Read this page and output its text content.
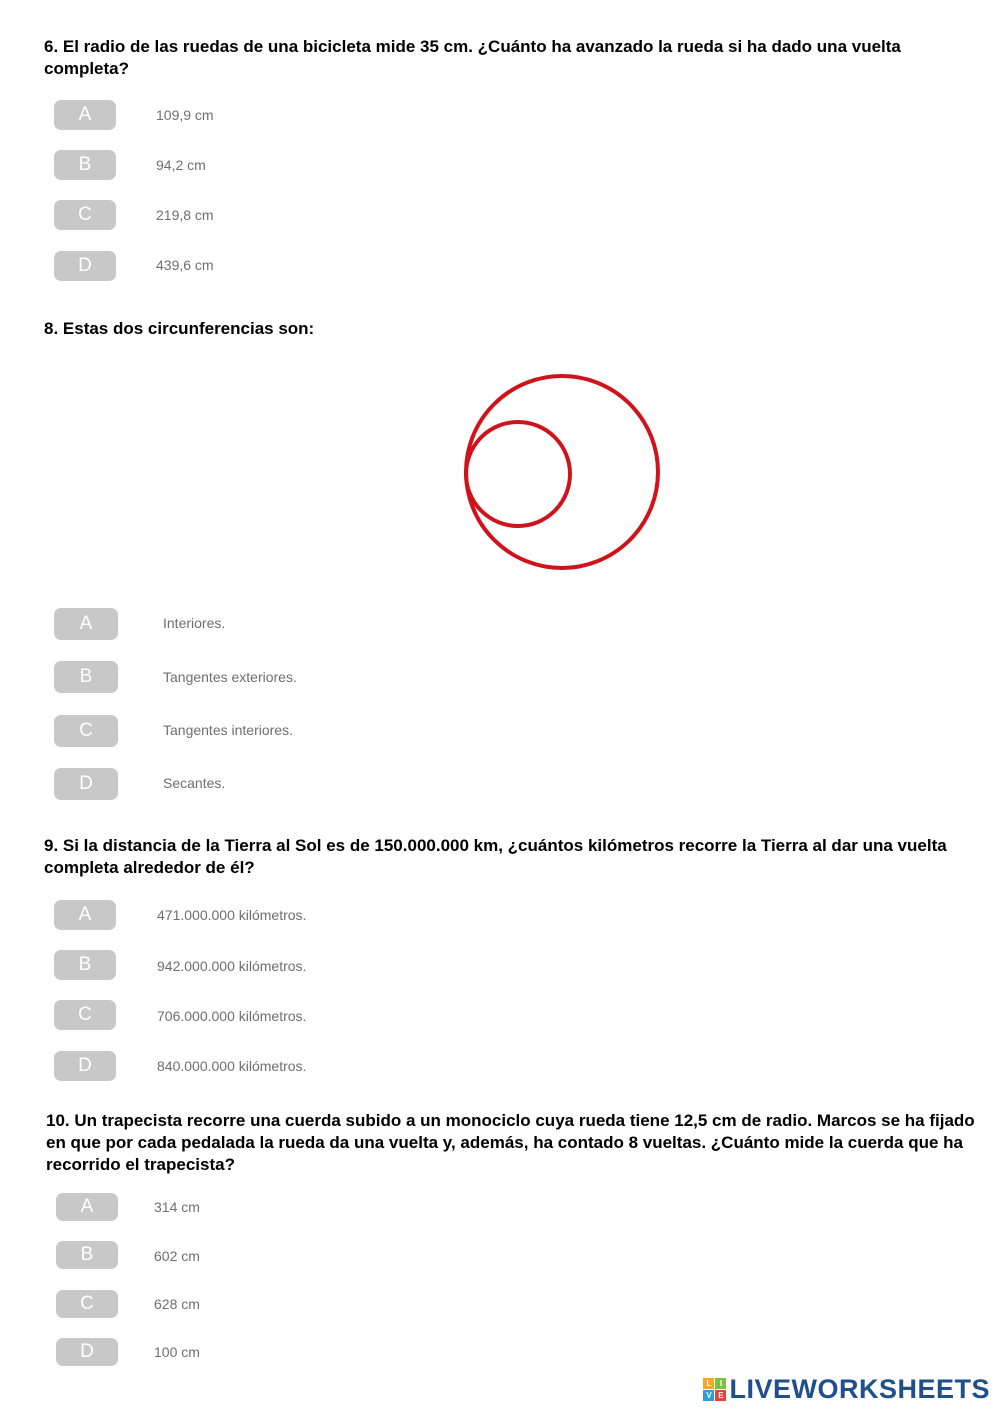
6. El radio de las ruedas de una bicicleta mide 35 cm. ¿Cuánto ha avanzado la rueda si ha dado una vuelta completa?
A	109,9 cm
B	94,2 cm
C	219,8 cm
D	439,6 cm
8. Estas dos circunferencias son:
A	Interiores.
B	Tangentes exteriores.
C	Tangentes interiores.
D	Secantes.
9. Si la distancia de la Tierra al Sol es de 150.000.000 km, ¿cuántos kilómetros recorre la Tierra al dar una vuelta completa alrededor de él?
A	471.000.000 kilómetros.
B	942.000.000 kilómetros.
C	706.000.000 kilómetros.
D	840.000.000 kilómetros.
10. Un trapecista recorre una cuerda subido a un monociclo cuya rueda tiene 12,5 cm de radio. Marcos se ha fijado en que por cada pedalada la rueda da una vuelta y, además, ha contado 8 vueltas. ¿Cuánto mide la cuerda que ha recorrido el trapecista?
A	314 cm
B	602 cm
C	628 cm
D	100 cm
L	I
V E LIVEWORKSHEETS
